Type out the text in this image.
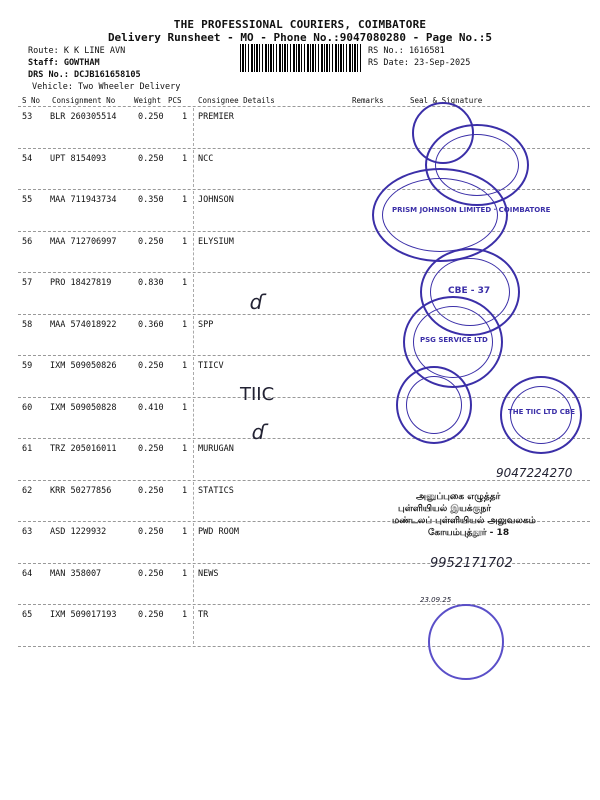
THE PROFESSIONAL COURIERS, COIMBATORE
Delivery Runsheet - MO - Phone No.:9047080280 - Page No.:5
Route: K K LINE AVN
Staff: GOWTHAM
DRS No.: DCJB161658105
Vehicle: Two Wheeler Delivery
RS No.: 1616581
RS Date: 23-Sep-2025
S No Consignment No	Weight PCS Consignee Details	Remarks	Seal & Signature
53 BLR 260305514	0.250 1 PREMIER
54 UPT 8154093	0.250 1 NCC
55 MAA 711943734	0.350 1 JOHNSON
56 MAA 712706997	0.250 1 ELYSIUM
57 PRO 18427819	0.830 1
58 MAA 574018922	0.360 1 SPP
59 IXM 509050826	0.250 1 TIICV
60 IXM 509050828	0.410 1
61 TRZ 205016011	0.250 1 MURUGAN
62 KRR 50277856	0.250 1 STATICS
63 ASD 1229932	0.250 1 PWD ROOM
64 MAN 358007	0.250 1 NEWS
65 IXM 509017193	0.250 1 TR
PRISM JOHNSON LIMITED · COIMBATORE
CBE - 37
PSG SERVICE LTD
THE TIIC LTD CBE
ɗ
TIIC
ɗ
9047224270
9952171702
23.09.25
அனுப்புகை எழுத்தர்
புள்ளியியல் இயக்குநர்
மண்டலப் புள்ளியியல் அலுவலகம்
கோயம்புத்தூர் - 18
